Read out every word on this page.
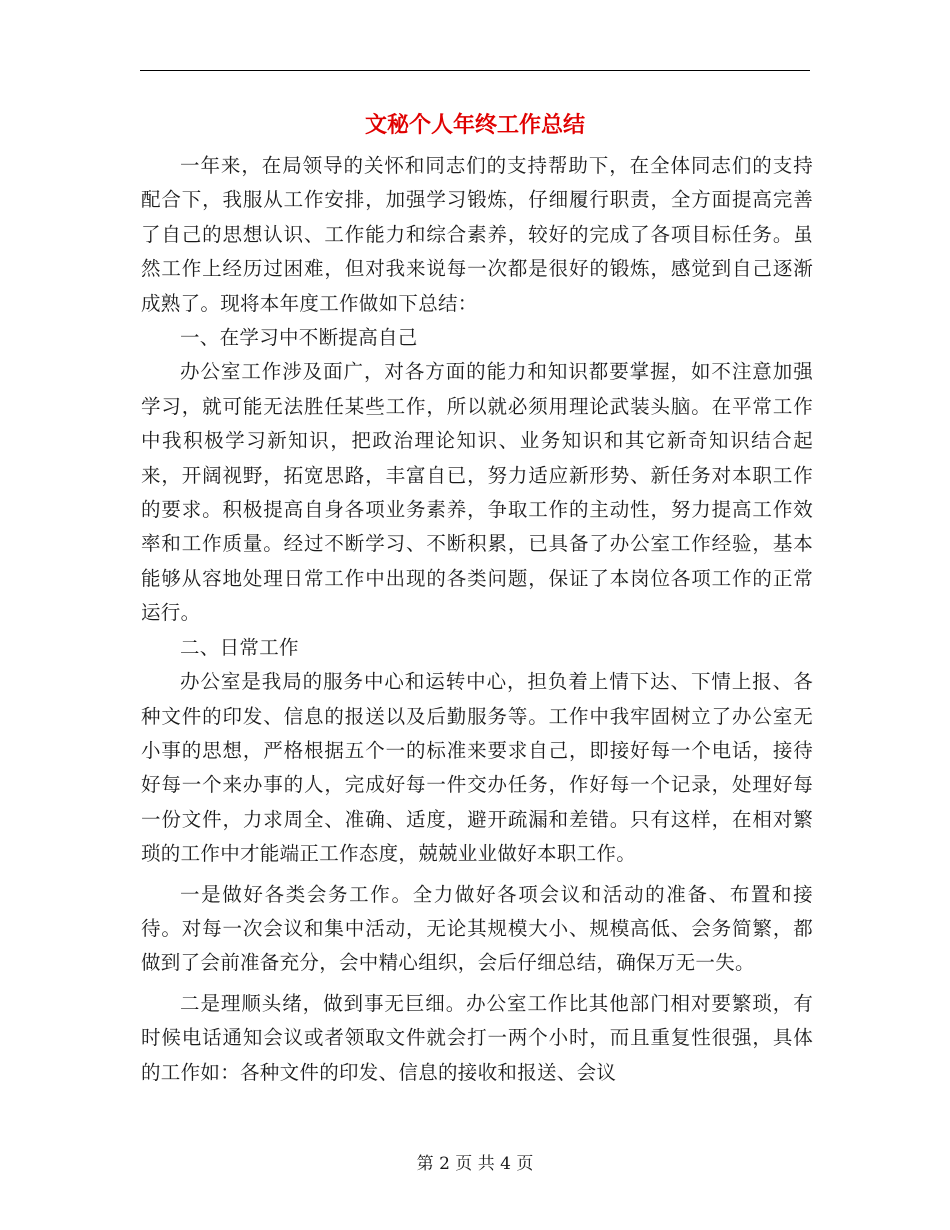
文秘个人年终工作总结

一年来，在局领导的关怀和同志们的支持帮助下，在全体同志们的支持配合下，我服从工作安排，加强学习锻炼，仔细履行职责，全方面提高完善了自己的思想认识、工作能力和综合素养，较好的完成了各项目标任务。虽然工作上经历过困难，但对我来说每一次都是很好的锻炼，感觉到自己逐渐成熟了。现将本年度工作做如下总结：

一、在学习中不断提高自己

办公室工作涉及面广，对各方面的能力和知识都要掌握，如不注意加强学习，就可能无法胜任某些工作，所以就必须用理论武装头脑。在平常工作中我积极学习新知识，把政治理论知识、业务知识和其它新奇知识结合起来，开阔视野，拓宽思路，丰富自已，努力适应新形势、新任务对本职工作的要求。积极提高自身各项业务素养，争取工作的主动性，努力提高工作效率和工作质量。经过不断学习、不断积累，已具备了办公室工作经验，基本能够从容地处理日常工作中出现的各类问题，保证了本岗位各项工作的正常运行。

二、日常工作

办公室是我局的服务中心和运转中心，担负着上情下达、下情上报、各种文件的印发、信息的报送以及后勤服务等。工作中我牢固树立了办公室无小事的思想，严格根据五个一的标准来要求自己，即接好每一个电话，接待好每一个来办事的人，完成好每一件交办任务，作好每一个记录，处理好每一份文件，力求周全、准确、适度，避开疏漏和差错。只有这样，在相对繁琐的工作中才能端正工作态度，兢兢业业做好本职工作。

一是做好各类会务工作。全力做好各项会议和活动的准备、布置和接待。对每一次会议和集中活动，无论其规模大小、规模高低、会务简繁，都做到了会前准备充分，会中精心组织，会后仔细总结，确保万无一失。

二是理顺头绪，做到事无巨细。办公室工作比其他部门相对要繁琐，有时候电话通知会议或者领取文件就会打一两个小时，而且重复性很强，具体的工作如：各种文件的印发、信息的接收和报送、会议

第 2 页 共 4 页
